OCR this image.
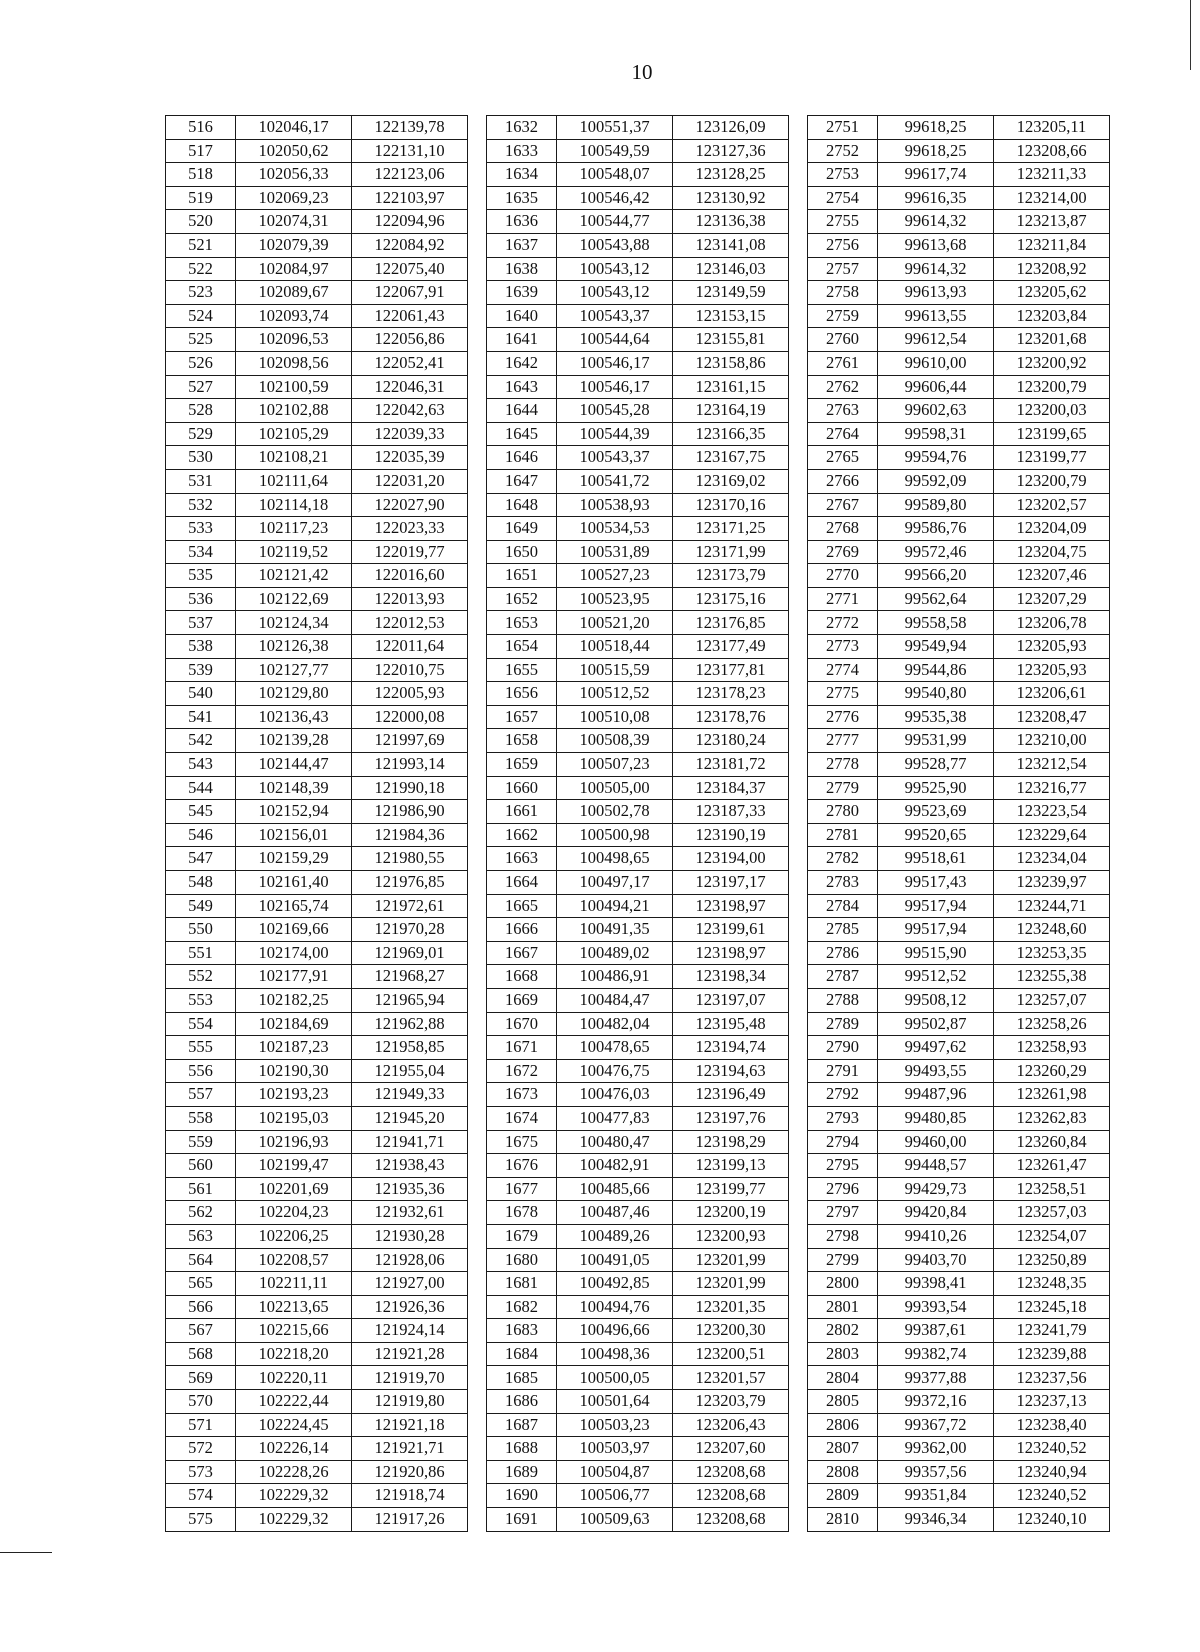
10
516	102046,17	122139,78		1632	100551,37	123126,09		2751	99618,25	123205,11
517	102050,62	122131,10		1633	100549,59	123127,36		2752	99618,25	123208,66
518	102056,33	122123,06		1634	100548,07	123128,25		2753	99617,74	123211,33
519	102069,23	122103,97		1635	100546,42	123130,92		2754	99616,35	123214,00
520	102074,31	122094,96		1636	100544,77	123136,38		2755	99614,32	123213,87
521	102079,39	122084,92		1637	100543,88	123141,08		2756	99613,68	123211,84
522	102084,97	122075,40		1638	100543,12	123146,03		2757	99614,32	123208,92
523	102089,67	122067,91		1639	100543,12	123149,59		2758	99613,93	123205,62
524	102093,74	122061,43		1640	100543,37	123153,15		2759	99613,55	123203,84
525	102096,53	122056,86		1641	100544,64	123155,81		2760	99612,54	123201,68
526	102098,56	122052,41		1642	100546,17	123158,86		2761	99610,00	123200,92
527	102100,59	122046,31		1643	100546,17	123161,15		2762	99606,44	123200,79
528	102102,88	122042,63		1644	100545,28	123164,19		2763	99602,63	123200,03
529	102105,29	122039,33		1645	100544,39	123166,35		2764	99598,31	123199,65
530	102108,21	122035,39		1646	100543,37	123167,75		2765	99594,76	123199,77
531	102111,64	122031,20		1647	100541,72	123169,02		2766	99592,09	123200,79
532	102114,18	122027,90		1648	100538,93	123170,16		2767	99589,80	123202,57
533	102117,23	122023,33		1649	100534,53	123171,25		2768	99586,76	123204,09
534	102119,52	122019,77		1650	100531,89	123171,99		2769	99572,46	123204,75
535	102121,42	122016,60		1651	100527,23	123173,79		2770	99566,20	123207,46
536	102122,69	122013,93		1652	100523,95	123175,16		2771	99562,64	123207,29
537	102124,34	122012,53		1653	100521,20	123176,85		2772	99558,58	123206,78
538	102126,38	122011,64		1654	100518,44	123177,49		2773	99549,94	123205,93
539	102127,77	122010,75		1655	100515,59	123177,81		2774	99544,86	123205,93
540	102129,80	122005,93		1656	100512,52	123178,23		2775	99540,80	123206,61
541	102136,43	122000,08		1657	100510,08	123178,76		2776	99535,38	123208,47
542	102139,28	121997,69		1658	100508,39	123180,24		2777	99531,99	123210,00
543	102144,47	121993,14		1659	100507,23	123181,72		2778	99528,77	123212,54
544	102148,39	121990,18		1660	100505,00	123184,37		2779	99525,90	123216,77
545	102152,94	121986,90		1661	100502,78	123187,33		2780	99523,69	123223,54
546	102156,01	121984,36		1662	100500,98	123190,19		2781	99520,65	123229,64
547	102159,29	121980,55		1663	100498,65	123194,00		2782	99518,61	123234,04
548	102161,40	121976,85		1664	100497,17	123197,17		2783	99517,43	123239,97
549	102165,74	121972,61		1665	100494,21	123198,97		2784	99517,94	123244,71
550	102169,66	121970,28		1666	100491,35	123199,61		2785	99517,94	123248,60
551	102174,00	121969,01		1667	100489,02	123198,97		2786	99515,90	123253,35
552	102177,91	121968,27		1668	100486,91	123198,34		2787	99512,52	123255,38
553	102182,25	121965,94		1669	100484,47	123197,07		2788	99508,12	123257,07
554	102184,69	121962,88		1670	100482,04	123195,48		2789	99502,87	123258,26
555	102187,23	121958,85		1671	100478,65	123194,74		2790	99497,62	123258,93
556	102190,30	121955,04		1672	100476,75	123194,63		2791	99493,55	123260,29
557	102193,23	121949,33		1673	100476,03	123196,49		2792	99487,96	123261,98
558	102195,03	121945,20		1674	100477,83	123197,76		2793	99480,85	123262,83
559	102196,93	121941,71		1675	100480,47	123198,29		2794	99460,00	123260,84
560	102199,47	121938,43		1676	100482,91	123199,13		2795	99448,57	123261,47
561	102201,69	121935,36		1677	100485,66	123199,77		2796	99429,73	123258,51
562	102204,23	121932,61		1678	100487,46	123200,19		2797	99420,84	123257,03
563	102206,25	121930,28		1679	100489,26	123200,93		2798	99410,26	123254,07
564	102208,57	121928,06		1680	100491,05	123201,99		2799	99403,70	123250,89
565	102211,11	121927,00		1681	100492,85	123201,99		2800	99398,41	123248,35
566	102213,65	121926,36		1682	100494,76	123201,35		2801	99393,54	123245,18
567	102215,66	121924,14		1683	100496,66	123200,30		2802	99387,61	123241,79
568	102218,20	121921,28		1684	100498,36	123200,51		2803	99382,74	123239,88
569	102220,11	121919,70		1685	100500,05	123201,57		2804	99377,88	123237,56
570	102222,44	121919,80		1686	100501,64	123203,79		2805	99372,16	123237,13
571	102224,45	121921,18		1687	100503,23	123206,43		2806	99367,72	123238,40
572	102226,14	121921,71		1688	100503,97	123207,60		2807	99362,00	123240,52
573	102228,26	121920,86		1689	100504,87	123208,68		2808	99357,56	123240,94
574	102229,32	121918,74		1690	100506,77	123208,68		2809	99351,84	123240,52
575	102229,32	121917,26		1691	100509,63	123208,68		2810	99346,34	123240,10
